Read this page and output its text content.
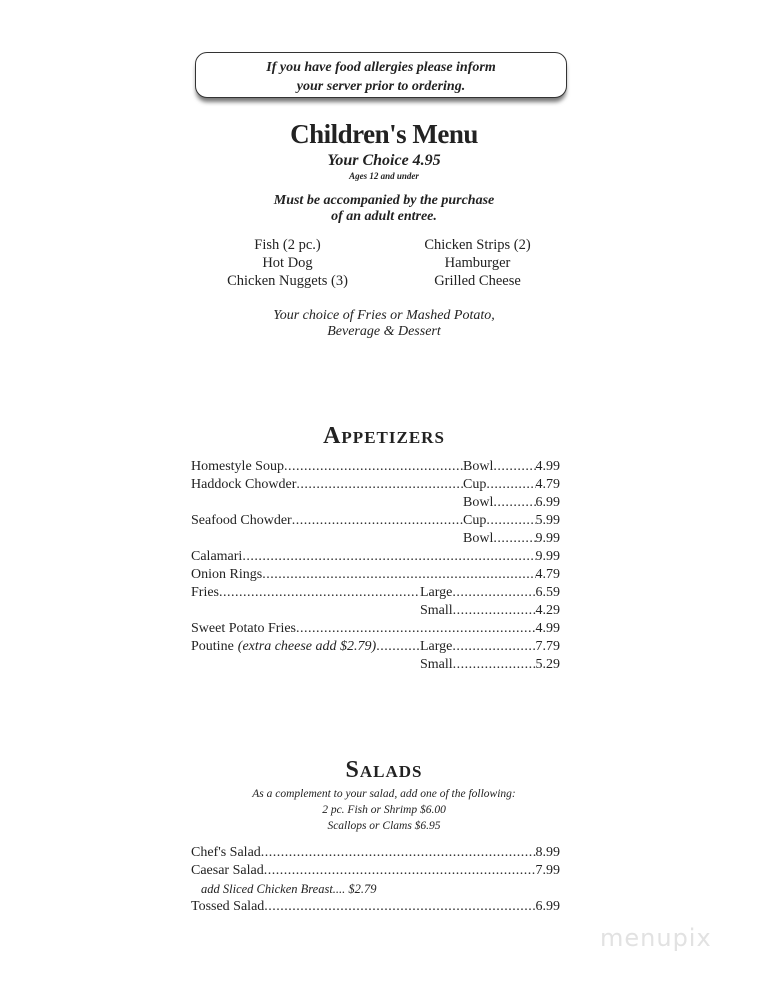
If you have food allergies please inform
your server prior to ordering.
Children's Menu
Your Choice 4.95
Ages 12 and under
Must be accompanied by the purchase
of an adult entree.
Fish (2 pc.)
Hot Dog
Chicken Nuggets (3)
Chicken Strips (2)
Hamburger
Grilled Cheese
Your choice of Fries or Mashed Potato,
Beverage & Dessert
Appetizers
Homestyle Soup .....	Bowl .....	4.99
Haddock Chowder .....	Cup .....	4.79
Bowl .....	6.99
Seafood Chowder .....	Cup .....	5.99
Bowl .....	9.99
Calamari .....	9.99
Onion Rings .....	4.79
Fries .....	Large .....	6.59
Small .....	4.29
Sweet Potato Fries .....	4.99
Poutine (extra cheese add $2.79) .....	Large .....	7.79
Small .....	5.29
Salads
As a complement to your salad, add one of the following:
2 pc. Fish or Shrimp $6.00
Scallops or Clams $6.95
Chef's Salad .....	8.99
Caesar Salad .....	7.99
add Sliced Chicken Breast.... $2.79
Tossed Salad .....	6.99
menupix
